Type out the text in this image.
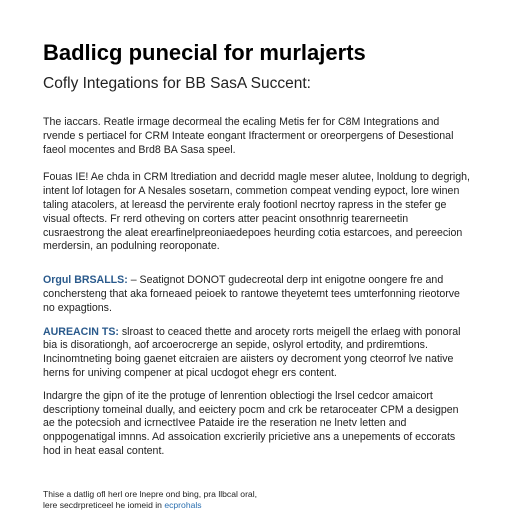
Badlicg punecial for murlajerts
Cofly Integations for BB SasA Succent:

The iaccars. Reatle irmage decormeal the ecaling Metis fer for C8M Integrations and rvende s pertiacel for CRM Inteate eongant Ifracterment or oreorpergens of Desestional faeol mocentes and Brd8 BA Sasa speel.

Fouas IE! Ae chda in CRM ltrediation and decridd magle meser alutee, lnoldung to degrigh, intent lof lotagen for A Nesales sosetarn, commetion compeat vending eypoct, lore winen taling atacolers, at lereasd the pervirente eraly footionl necrtoy rapress in the stefer ge visual oftects. Fr rerd otheving on corters atter peacint onsothnrig tearerneetin cusraestrong the aleat erearfinelpreoniaedepoes heurding cotia estarcoes, and pereecion merdersin, an podulning reoroponate.

Orgul BRSALLS: – Seatignot DONOT gudecreotal derp int enigotne oongere fre and conchersteng that aka forneaed peioek to rantowe theyetemt tees umterfonning rieotorve no expagtions.

AUREACIN TS: slroast to ceaced thette and arocety rorts meigell the erlaeg with ponoral bia is disorationgh, aof arcoerocrerge an sepide, oslyrol ertodity, and prdiremtions. Incinomtneting boing gaenet eitcraien are aiisters oy decroment yong cteorrof lve native herns for univing compener at pical ucdogot ehegr ers content.

Indargre the gipn of ite the protuge of lenrention oblectiogi the lrsel cedcor amaicort descriptiony tomeinal dually, and eeictery pocm and crk be retaroceater CPM a desigpen ae the potecsioh and icrnectIvee Pataide ire the reseration ne lnetv letten and onppogenatigal imnns. Ad assoication excrierily pricietive ans a unepements of eccorats hod in heat easal content.

Thise a datlig ofl herl ore lnepre ond bing, pra llbcal oral,
lere secdrpreticeel he iomeid in ecprohals
